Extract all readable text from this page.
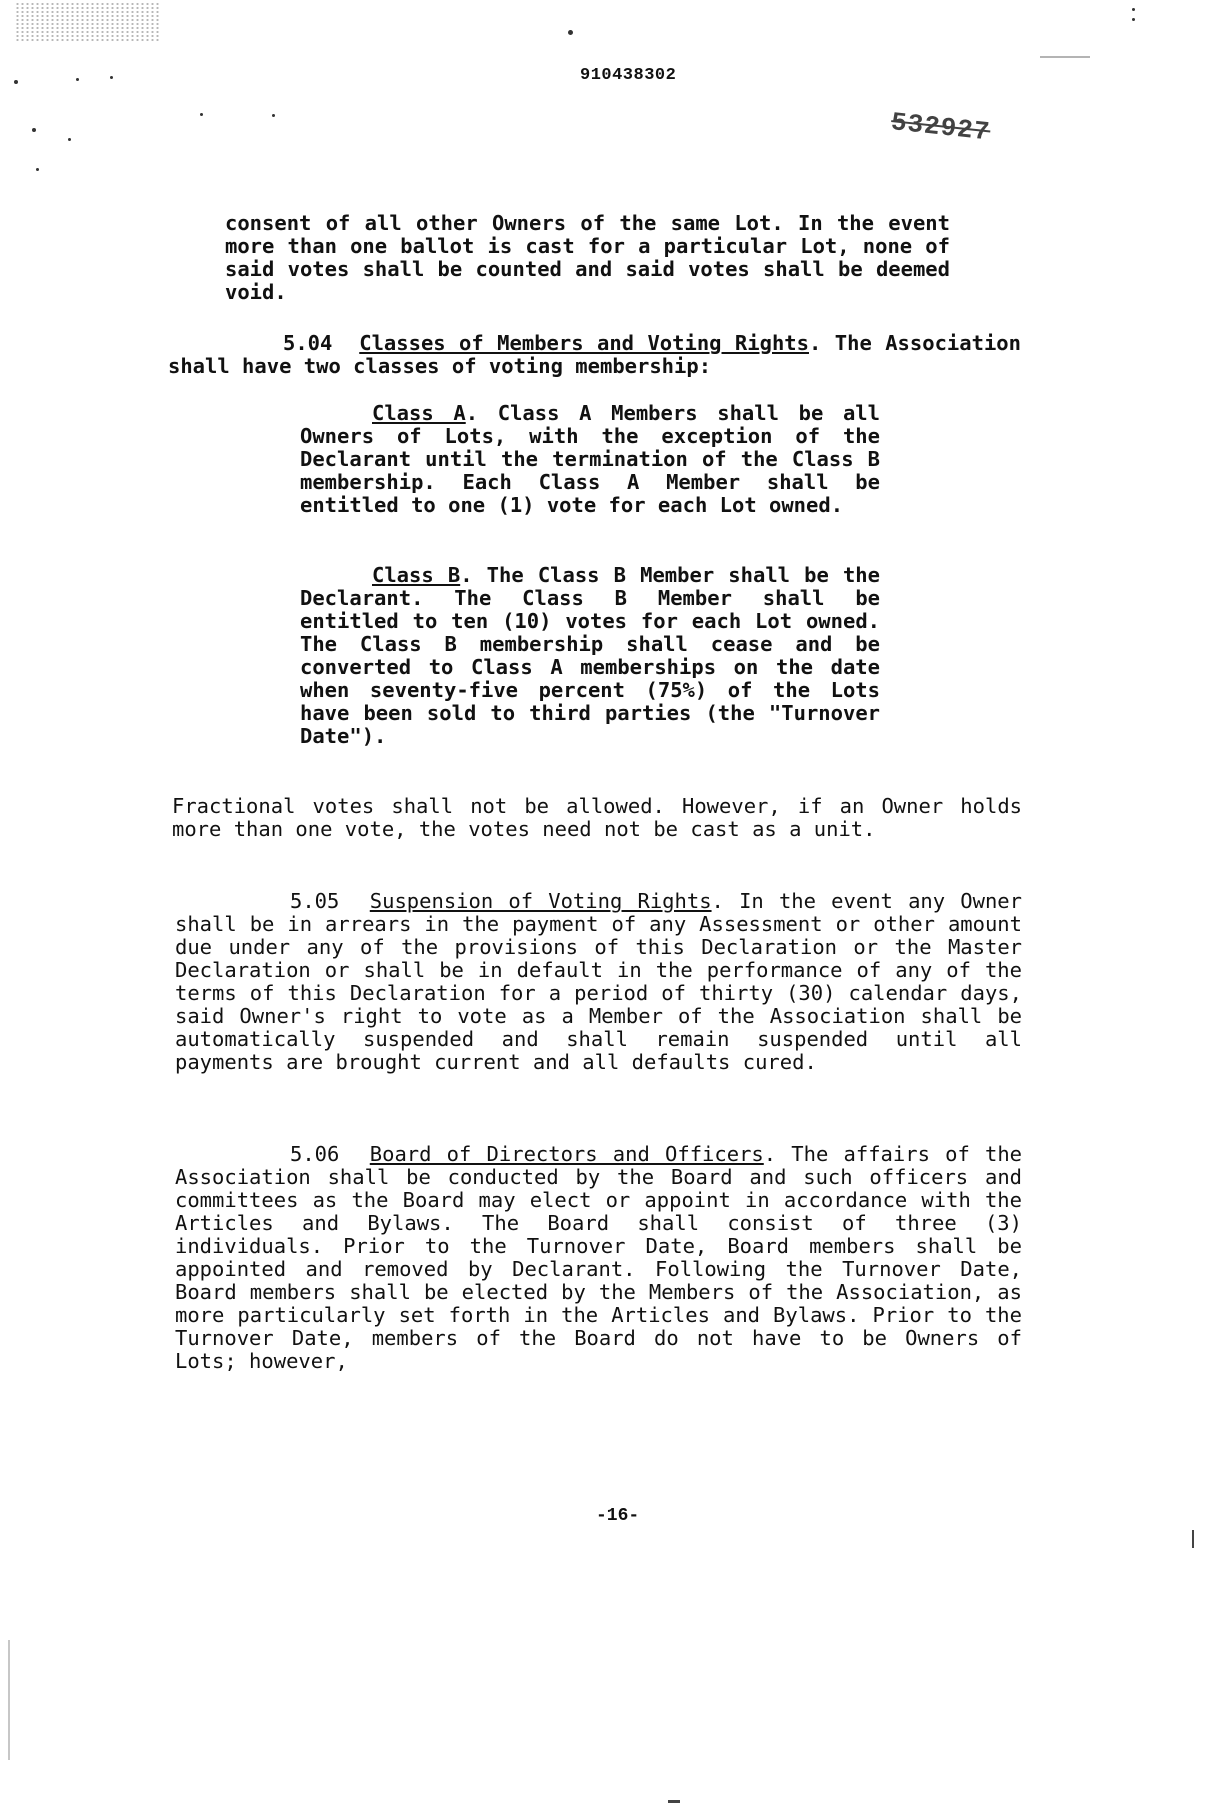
910438302
532927
consent of all other Owners of the same Lot. In the event more than one ballot is cast for a particular Lot, none of said votes shall be counted and said votes shall be deemed void.
5.04 Classes of Members and Voting Rights. The Association shall have two classes of voting membership:
Class A. Class A Members shall be all Owners of Lots, with the exception of the Declarant until the termination of the Class B membership. Each Class A Member shall be entitled to one (1) vote for each Lot owned.
Class B. The Class B Member shall be the Declarant. The Class B Member shall be entitled to ten (10) votes for each Lot owned. The Class B membership shall cease and be converted to Class A memberships on the date when seventy-five percent (75%) of the Lots have been sold to third parties (the "Turnover Date").
Fractional votes shall not be allowed. However, if an Owner holds more than one vote, the votes need not be cast as a unit.
5.05 Suspension of Voting Rights. In the event any Owner shall be in arrears in the payment of any Assessment or other amount due under any of the provisions of this Declaration or the Master Declaration or shall be in default in the performance of any of the terms of this Declaration for a period of thirty (30) calendar days, said Owner's right to vote as a Member of the Association shall be automatically suspended and shall remain suspended until all payments are brought current and all defaults cured.
5.06 Board of Directors and Officers. The affairs of the Association shall be conducted by the Board and such officers and committees as the Board may elect or appoint in accordance with the Articles and Bylaws. The Board shall consist of three (3) individuals. Prior to the Turnover Date, Board members shall be appointed and removed by Declarant. Following the Turnover Date, Board members shall be elected by the Members of the Association, as more particularly set forth in the Articles and Bylaws. Prior to the Turnover Date, members of the Board do not have to be Owners of Lots; however,
-16-
